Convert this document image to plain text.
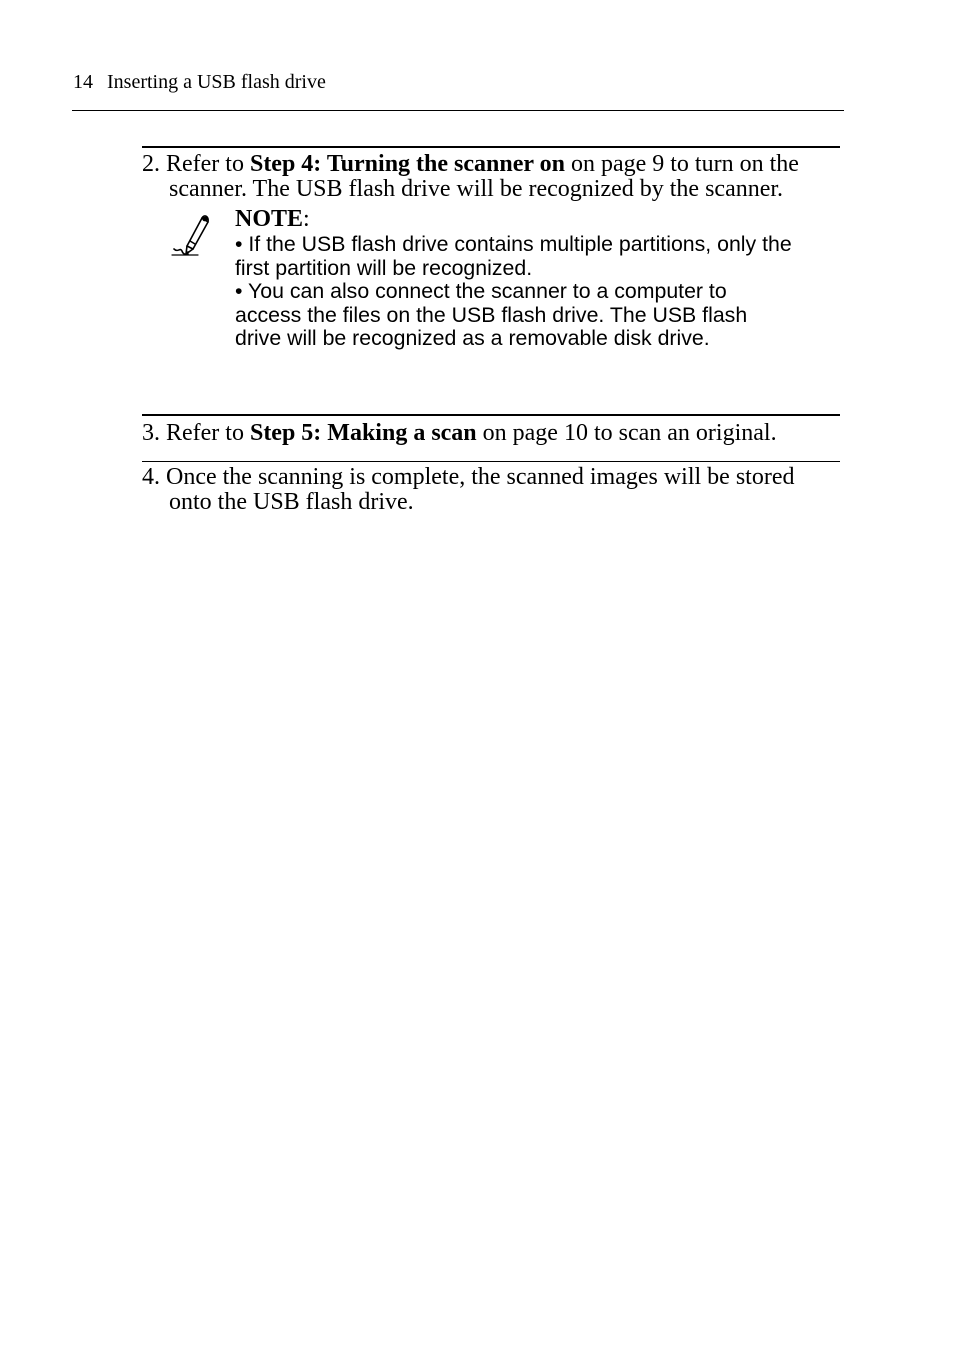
14 Inserting a USB flash drive

2. Refer to Step 4: Turning the scanner on on page 9 to turn on the
scanner. The USB flash drive will be recognized by the scanner.

NOTE:
• If the USB flash drive contains multiple partitions, only the
first partition will be recognized.
• You can also connect the scanner to a computer to
access the files on the USB flash drive. The USB flash
drive will be recognized as a removable disk drive.

3. Refer to Step 5: Making a scan on page 10 to scan an original.

4. Once the scanning is complete, the scanned images will be stored
onto the USB flash drive.
